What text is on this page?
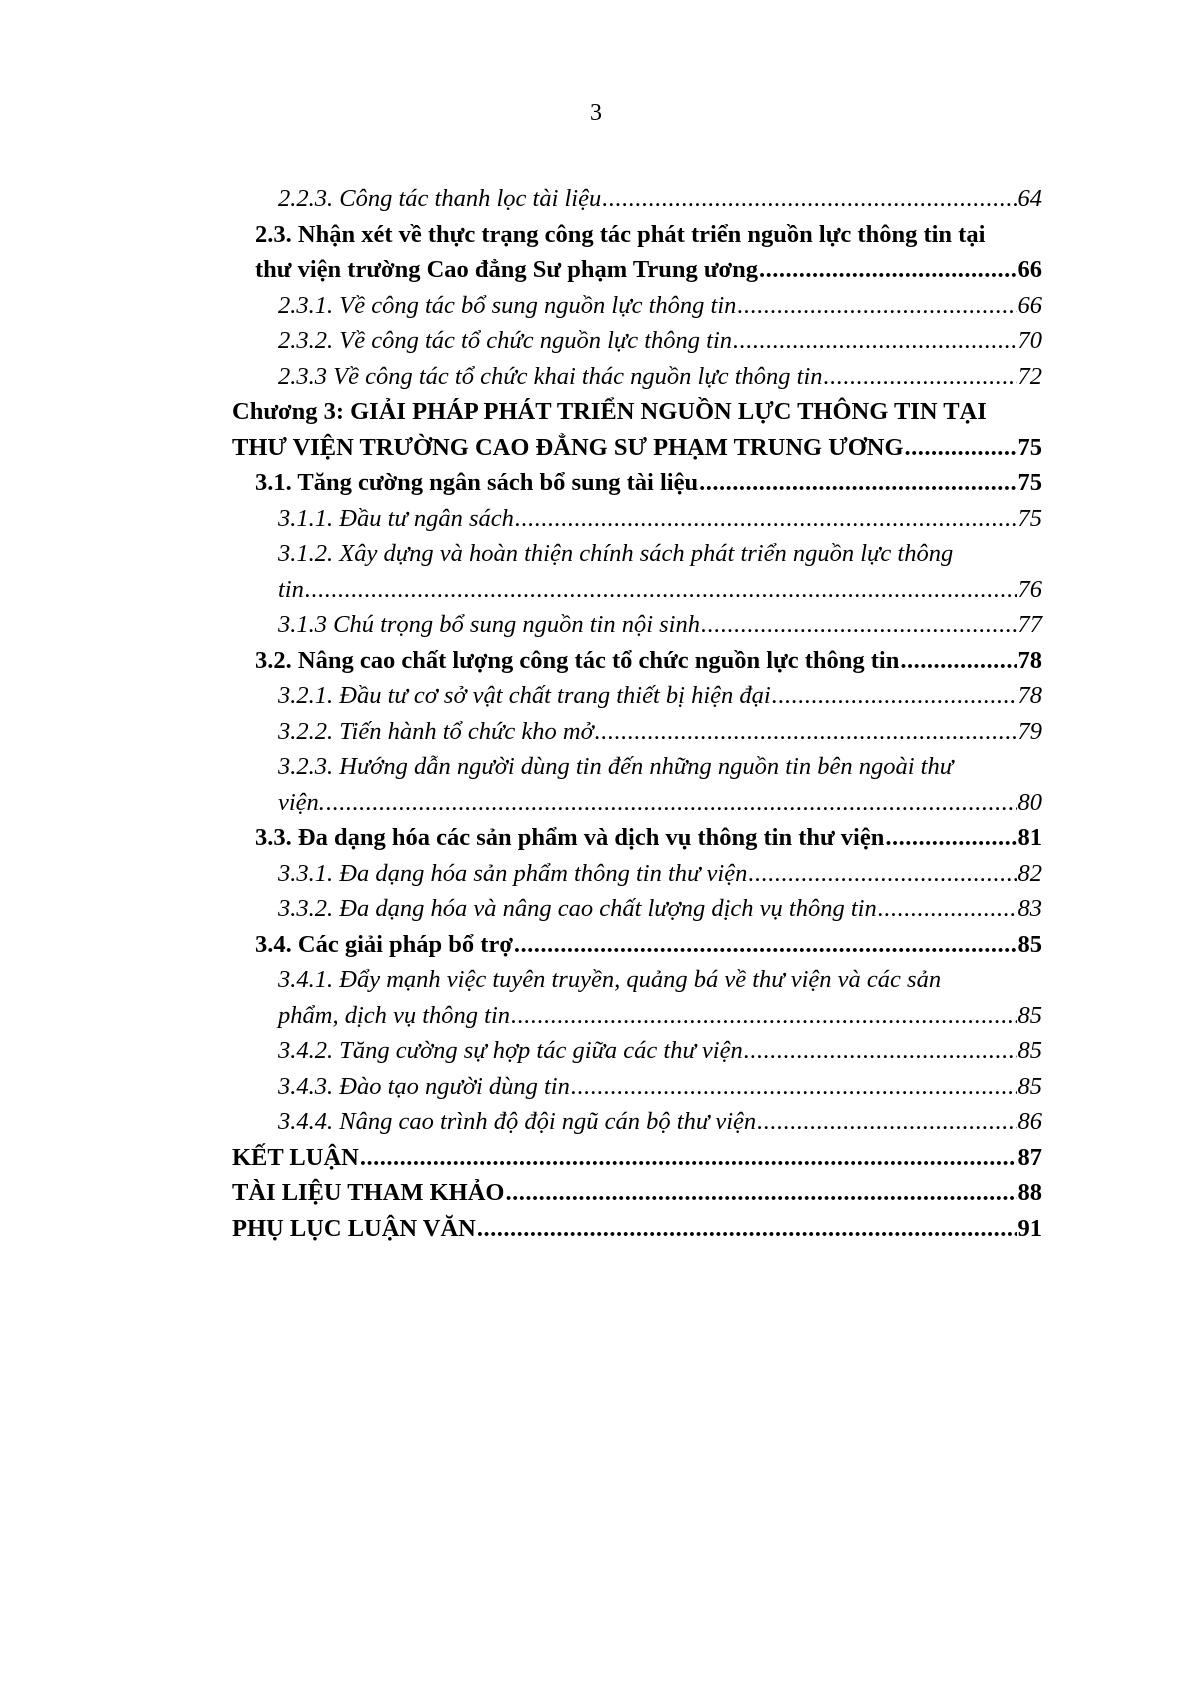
3
2.2.3. Công tác thanh lọc tài liệu .....	64
2.3. Nhận xét về thực trạng công tác phát triển nguồn lực thông tin tại
thư viện trường Cao đẳng Sư phạm Trung ương .....	66
2.3.1. Về công tác bổ sung nguồn lực thông tin .....	66
2.3.2. Về công tác tổ chức nguồn lực thông tin .....	70
2.3.3 Về công tác tổ chức khai thác nguồn lực thông tin .....	72
Chương 3: GIẢI PHÁP PHÁT TRIỂN NGUỒN LỰC THÔNG TIN TẠI
THƯ VIỆN TRƯỜNG CAO ĐẲNG SƯ PHẠM TRUNG ƯƠNG .....	75
3.1. Tăng cường ngân sách bổ sung tài liệu .....	75
3.1.1. Đầu tư ngân sách .....	75
3.1.2. Xây dựng và hoàn thiện chính sách phát triển nguồn lực thông
tin .....	76
3.1.3 Chú trọng bổ sung nguồn tin nội sinh .....	77
3.2. Nâng cao chất lượng công tác tổ chức nguồn lực thông tin .....	78
3.2.1. Đầu tư cơ sở vật chất trang thiết bị hiện đại .....	78
3.2.2. Tiến hành tổ chức kho mở .....	79
3.2.3. Hướng dẫn người dùng tin đến những nguồn tin bên ngoài thư
viện. .....	80
3.3. Đa dạng hóa các sản phẩm và dịch vụ thông tin thư viện .....	81
3.3.1. Đa dạng hóa sản phẩm thông tin thư viện .....	82
3.3.2. Đa dạng hóa và nâng cao chất lượng dịch vụ thông tin .....	83
3.4. Các giải pháp bổ trợ .....	85
3.4.1. Đẩy mạnh việc tuyên truyền, quảng bá về thư viện và các sản
phẩm, dịch vụ thông tin .....	85
3.4.2. Tăng cường sự hợp tác giữa các thư viện .....	85
3.4.3. Đào tạo người dùng tin .....	85
3.4.4. Nâng cao trình độ đội ngũ cán bộ thư viện .....	86
KẾT LUẬN .....	87
TÀI LIỆU THAM KHẢO .....	88
PHỤ LỤC LUẬN VĂN .....	91
